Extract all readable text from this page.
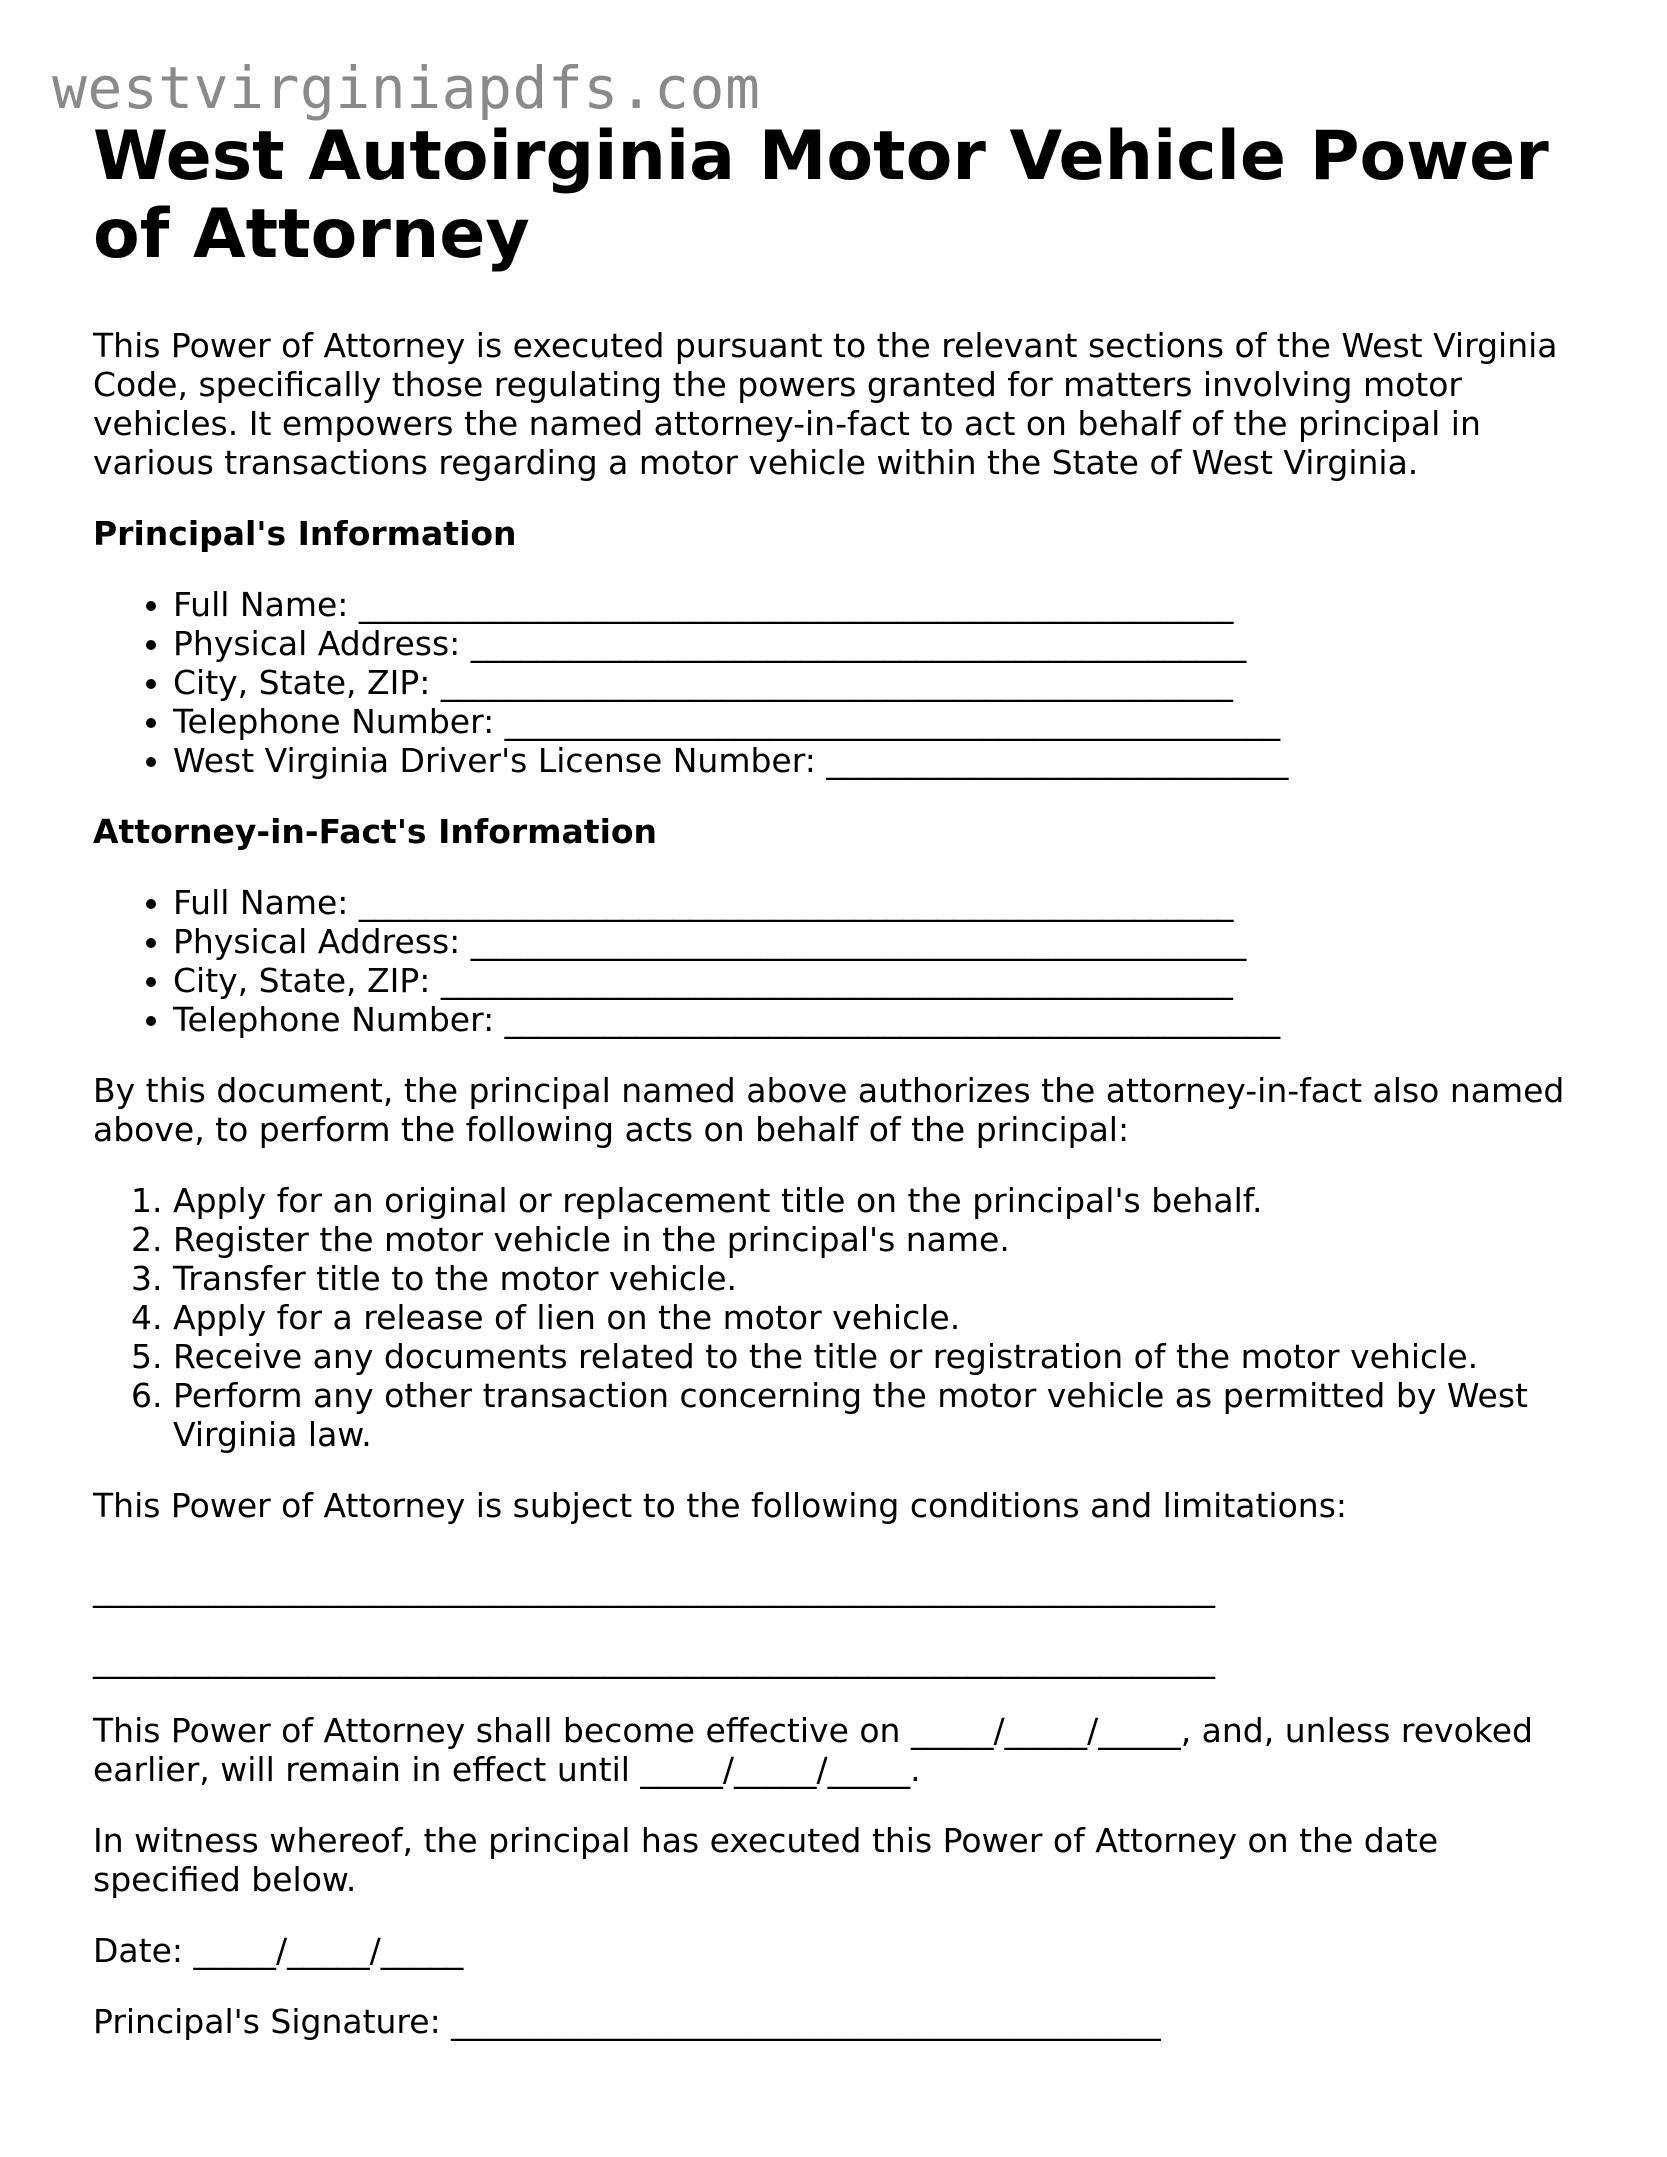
westvirginiapdfs.com
West Autoirginia Motor Vehicle Power of Attorney

This Power of Attorney is executed pursuant to the relevant sections of the West Virginia Code, specifically those regulating the powers granted for matters involving motor vehicles. It empowers the named attorney-in-fact to act on behalf of the principal in various transactions regarding a motor vehicle within the State of West Virginia.

Principal's Information
• Full Name: _____________________________________________________
• Physical Address: _______________________________________________
• City, State, ZIP: ________________________________________________
• Telephone Number: _______________________________________________
• West Virginia Driver's License Number: ____________________________
Attorney-in-Fact's Information
• Full Name: _____________________________________________________
• Physical Address: _______________________________________________
• City, State, ZIP: ________________________________________________
• Telephone Number: _______________________________________________

By this document, the principal named above authorizes the attorney-in-fact also named above, to perform the following acts on behalf of the principal:

1. Apply for an original or replacement title on the principal's behalf.
2. Register the motor vehicle in the principal's name.
3. Transfer title to the motor vehicle.
4. Apply for a release of lien on the motor vehicle.
5. Receive any documents related to the title or registration of the motor vehicle.
6. Perform any other transaction concerning the motor vehicle as permitted by West Virginia law.

This Power of Attorney is subject to the following conditions and limitations:

____________________________________________________________________
____________________________________________________________________

This Power of Attorney shall become effective on _____/_____/_____, and, unless revoked earlier, will remain in effect until _____/_____/_____.

In witness whereof, the principal has executed this Power of Attorney on the date specified below.

Date: _____/_____/_____

Principal's Signature: ___________________________________________
